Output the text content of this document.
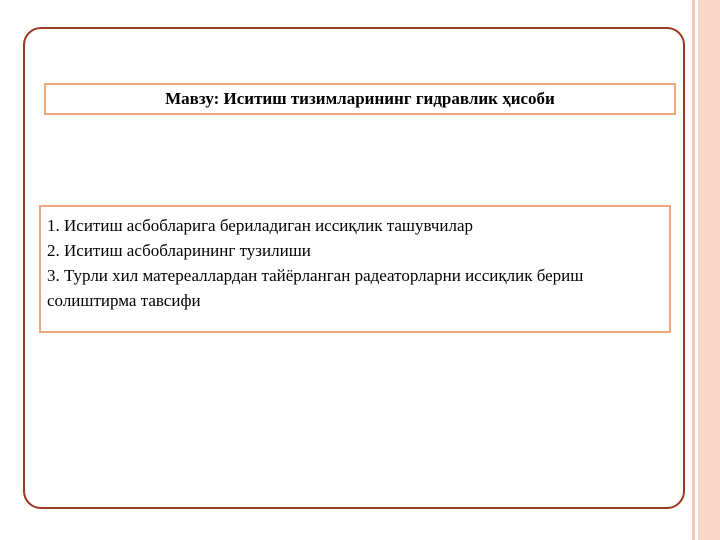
Мавзу: Иситиш тизимларининг гидравлик ҳисоби
1. Иситиш асбобларига бериладиган иссиқлик ташувчилар
2. Иситиш асбобларининг тузилиши
3. Турли хил матереаллардан тайёрланган радеаторларни иссиқлик бериш солиштирма тавсифи
